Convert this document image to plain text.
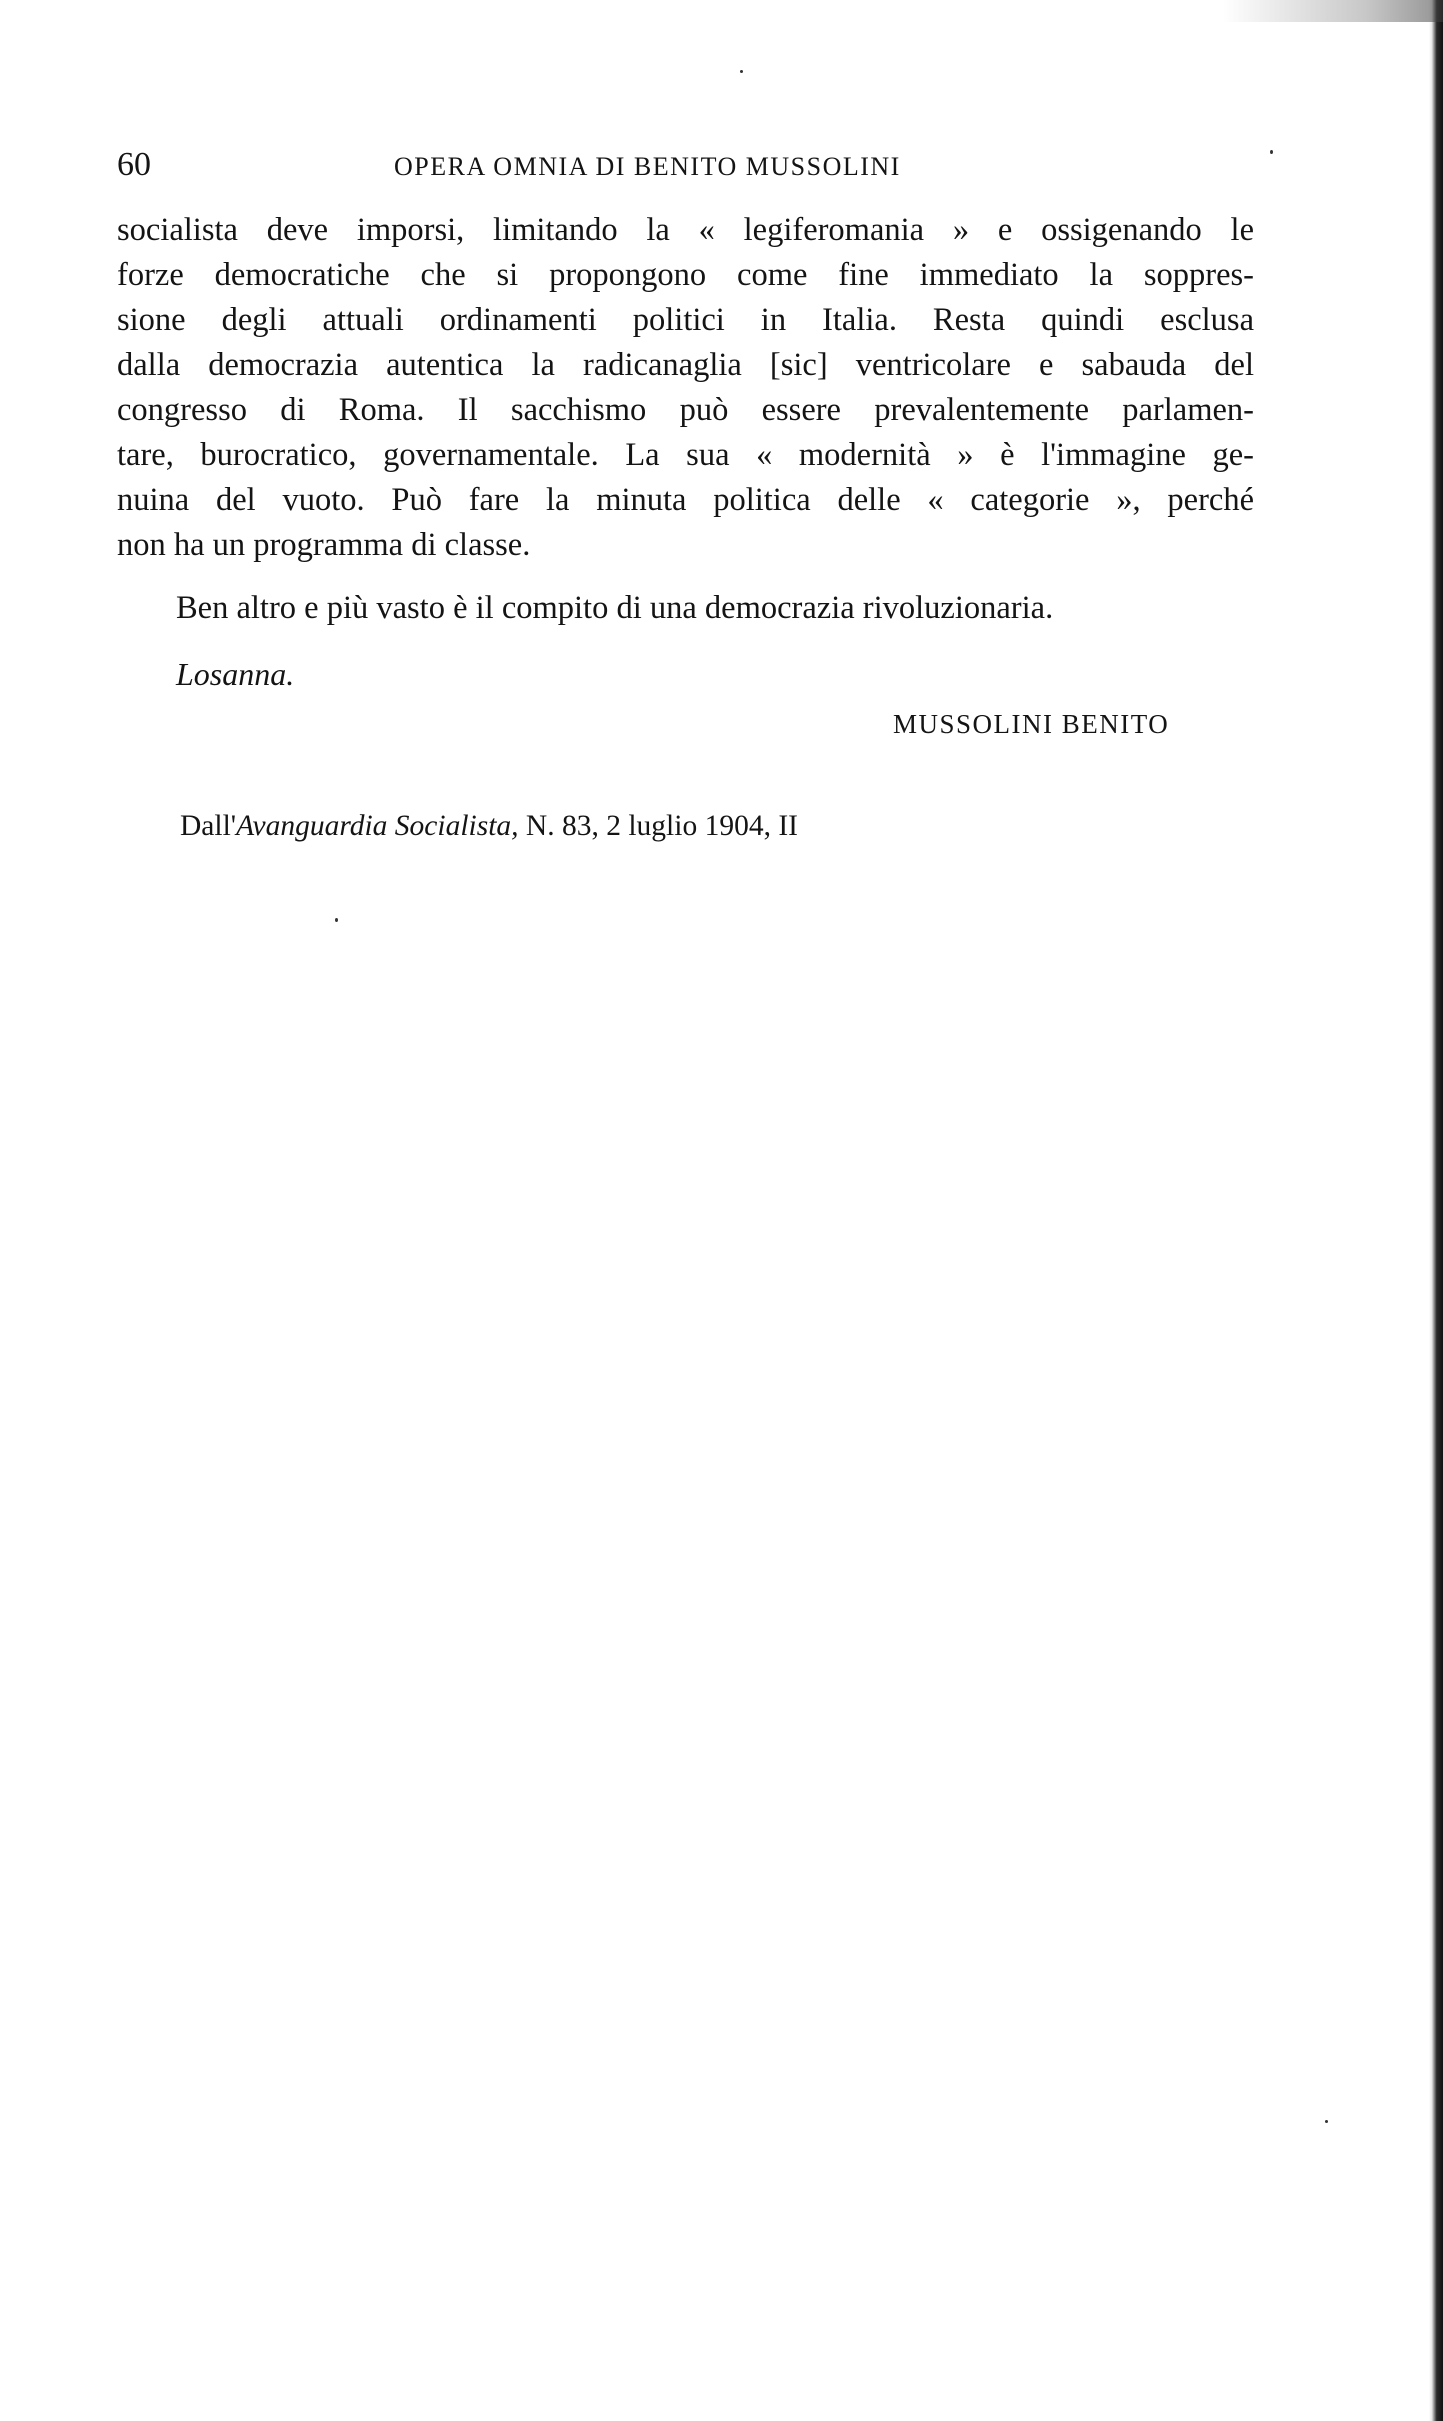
60	OPERA OMNIA DI BENITO MUSSOLINI
socialista deve imporsi, limitando la « legiferomania » e ossigenando le
forze democratiche che si propongono come fine immediato la soppres-
sione degli attuali ordinamenti politici in Italia. Resta quindi esclusa
dalla democrazia autentica la radicanaglia [sic] ventricolare e sabauda del
congresso di Roma. Il sacchismo può essere prevalentemente parlamen-
tare, burocratico, governamentale. La sua « modernità » è l'immagine ge-
nuina del vuoto. Può fare la minuta politica delle « categorie », perché
non ha un programma di classe.

Ben altro e più vasto è il compito di una democrazia rivoluzionaria.

Losanna.
MUSSOLINI BENITO
Dall'Avanguardia Socialista, N. 83, 2 luglio 1904, II
